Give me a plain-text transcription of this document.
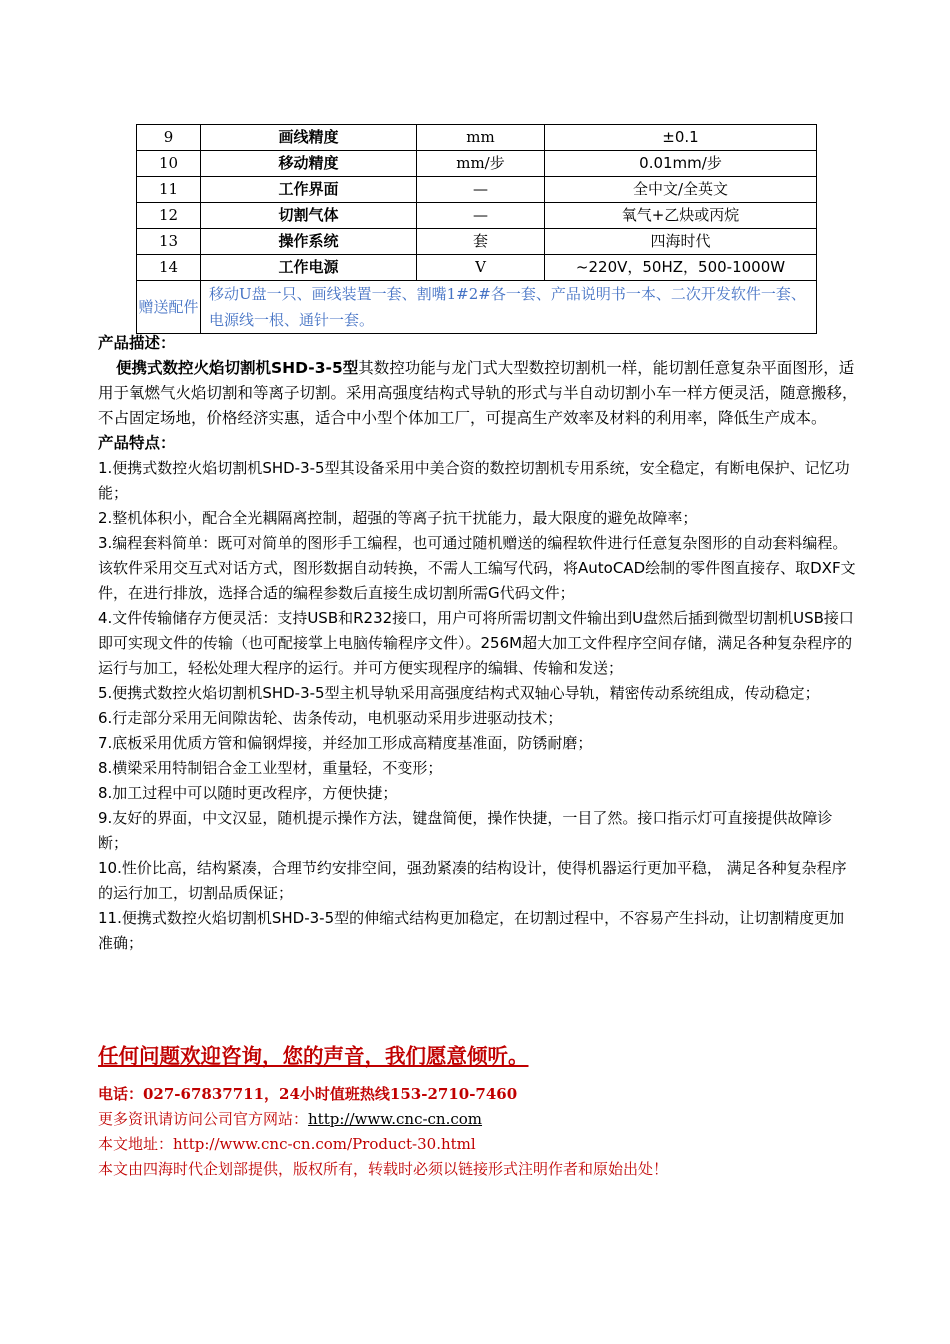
9	画线精度	mm	±0.1
10	移动精度	mm/步	0.01mm/步
11	工作界面	—	全中文/全英文
12	切割气体	—	氧气+乙炔或丙烷
13	操作系统	套	四海时代
14	工作电源	V	~220V，50HZ，500-1000W
赠送配件	移动U盘一只、画线装置一套、割嘴1#2#各一套、产品说明书一本、二次开发软件一套、电源线一根、通针一套。		

产品描述：

便携式数控火焰切割机SHD-3-5型其数控功能与龙门式大型数控切割机一样，能切割任意复杂平面图形，适用于氧燃气火焰切割和等离子切割。采用高强度结构式导轨的形式与半自动切割小车一样方便灵活，随意搬移，不占固定场地，价格经济实惠，适合中小型个体加工厂，可提高生产效率及材料的利用率，降低生产成本。

产品特点：

1.便携式数控火焰切割机SHD-3-5型其设备采用中美合资的数控切割机专用系统，安全稳定，有断电保护、记忆功能；

2.整机体积小，配合全光耦隔离控制，超强的等离子抗干扰能力，最大限度的避免故障率；

3.编程套料简单：既可对简单的图形手工编程，也可通过随机赠送的编程软件进行任意复杂图形的自动套料编程。该软件采用交互式对话方式，图形数据自动转换，不需人工编写代码，将AutoCAD绘制的零件图直接存、取DXF文件，在进行排放，选择合适的编程参数后直接生成切割所需G代码文件；

4.文件传输储存方便灵活：支持USB和R232接口，用户可将所需切割文件输出到U盘然后插到微型切割机USB接口即可实现文件的传输（也可配接掌上电脑传输程序文件）。256M超大加工文件程序空间存储，满足各种复杂程序的运行与加工，轻松处理大程序的运行。并可方便实现程序的编辑、传输和发送；

5.便携式数控火焰切割机SHD-3-5型主机导轨采用高强度结构式双轴心导轨，精密传动系统组成，传动稳定；

6.行走部分采用无间隙齿轮、齿条传动，电机驱动采用步进驱动技术；

7.底板采用优质方管和偏钢焊接，并经加工形成高精度基准面，防锈耐磨；

8.横梁采用特制铝合金工业型材，重量轻，不变形；

8.加工过程中可以随时更改程序，方便快捷；

9.友好的界面，中文汉显，随机提示操作方法，键盘简便，操作快捷，一目了然。接口指示灯可直接提供故障诊断；

10.性价比高，结构紧凑，合理节约安排空间，强劲紧凑的结构设计，使得机器运行更加平稳， 满足各种复杂程序的运行加工，切割品质保证；

11.便携式数控火焰切割机SHD-3-5型的伸缩式结构更加稳定，在切割过程中，不容易产生抖动，让切割精度更加准确；

任何问题欢迎咨询，您的声音，我们愿意倾听。

电话：027-67837711，24小时值班热线153-2710-7460

更多资讯请访问公司官方网站：http://www.cnc-cn.com

本文地址：http://www.cnc-cn.com/Product-30.html

本文由四海时代企划部提供，版权所有，转载时必须以链接形式注明作者和原始出处！
